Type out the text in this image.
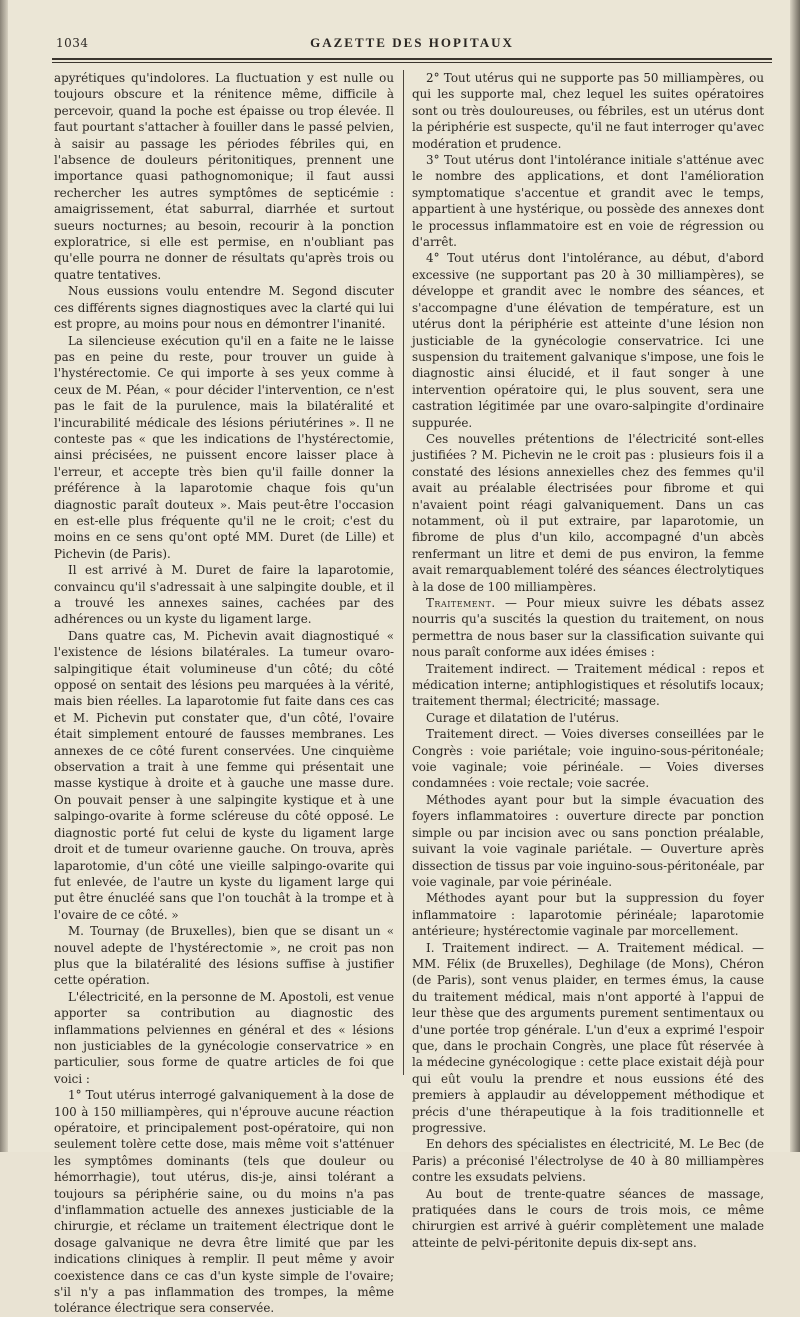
1034	GAZETTE DES HOPITAUX

apyrétiques qu'indolores. La fluctuation y est nulle ou toujours obscure et la rénitence même, difficile à percevoir, quand la poche est épaisse ou trop élevée. Il faut pourtant s'attacher à fouiller dans le passé pelvien, à saisir au passage les périodes fébriles qui, en l'absence de douleurs péritonitiques, prennent une importance quasi pathognomonique; il faut aussi rechercher les autres symptômes de septicémie : amaigrissement, état saburral, diarrhée et surtout sueurs nocturnes; au besoin, recourir à la ponction exploratrice, si elle est permise, en n'oubliant pas qu'elle pourra ne donner de résultats qu'après trois ou quatre tentatives.

Nous eussions voulu entendre M. Segond discuter ces différents signes diagnostiques avec la clarté qui lui est propre, au moins pour nous en démontrer l'inanité.

La silencieuse exécution qu'il en a faite ne le laisse pas en peine du reste, pour trouver un guide à l'hystérectomie. Ce qui importe à ses yeux comme à ceux de M. Péan, « pour décider l'intervention, ce n'est pas le fait de la purulence, mais la bilatéralité et l'incurabilité médicale des lésions périutérines ». Il ne conteste pas « que les indications de l'hystérectomie, ainsi précisées, ne puissent encore laisser place à l'erreur, et accepte très bien qu'il faille donner la préférence à la laparotomie chaque fois qu'un diagnostic paraît douteux ». Mais peut-être l'occasion en est-elle plus fréquente qu'il ne le croit; c'est du moins en ce sens qu'ont opté MM. Duret (de Lille) et Pichevin (de Paris).

Il est arrivé à M. Duret de faire la laparotomie, convaincu qu'il s'adressait à une salpingite double, et il a trouvé les annexes saines, cachées par des adhérences ou un kyste du ligament large.

Dans quatre cas, M. Pichevin avait diagnostiqué « l'existence de lésions bilatérales. La tumeur ovaro-salpingitique était volumineuse d'un côté; du côté opposé on sentait des lésions peu marquées à la vérité, mais bien réelles. La laparotomie fut faite dans ces cas et M. Pichevin put constater que, d'un côté, l'ovaire était simplement entouré de fausses membranes. Les annexes de ce côté furent conservées. Une cinquième observation a trait à une femme qui présentait une masse kystique à droite et à gauche une masse dure. On pouvait penser à une salpingite kystique et à une salpingo-ovarite à forme scléreuse du côté opposé. Le diagnostic porté fut celui de kyste du ligament large droit et de tumeur ovarienne gauche. On trouva, après laparotomie, d'un côté une vieille salpingo-ovarite qui fut enlevée, de l'autre un kyste du ligament large qui put être énucléé sans que l'on touchât à la trompe et à l'ovaire de ce côté. »

M. Tournay (de Bruxelles), bien que se disant un « nouvel adepte de l'hystérectomie », ne croit pas non plus que la bilatéralité des lésions suffise à justifier cette opération.

L'électricité, en la personne de M. Apostoli, est venue apporter sa contribution au diagnostic des inflammations pelviennes en général et des « lésions non justiciables de la gynécologie conservatrice » en particulier, sous forme de quatre articles de foi que voici :

1° Tout utérus interrogé galvaniquement à la dose de 100 à 150 milliampères, qui n'éprouve aucune réaction opératoire, et principalement post-opératoire, qui non seulement tolère cette dose, mais même voit s'atténuer les symptômes dominants (tels que douleur ou hémorrhagie), tout utérus, dis-je, ainsi tolérant a toujours sa périphérie saine, ou du moins n'a pas d'inflammation actuelle des annexes justiciable de la chirurgie, et réclame un traitement électrique dont le dosage galvanique ne devra être limité que par les indications cliniques à remplir. Il peut même y avoir coexistence dans ce cas d'un kyste simple de l'ovaire; s'il n'y a pas inflammation des trompes, la même tolérance électrique sera conservée.

2° Tout utérus qui ne supporte pas 50 milliampères, ou qui les supporte mal, chez lequel les suites opératoires sont ou très douloureuses, ou fébriles, est un utérus dont la périphérie est suspecte, qu'il ne faut interroger qu'avec modération et prudence.

3° Tout utérus dont l'intolérance initiale s'atténue avec le nombre des applications, et dont l'amélioration symptomatique s'accentue et grandit avec le temps, appartient à une hystérique, ou possède des annexes dont le processus inflammatoire est en voie de régression ou d'arrêt.

4° Tout utérus dont l'intolérance, au début, d'abord excessive (ne supportant pas 20 à 30 milliampères), se développe et grandit avec le nombre des séances, et s'accompagne d'une élévation de température, est un utérus dont la périphérie est atteinte d'une lésion non justiciable de la gynécologie conservatrice. Ici une suspension du traitement galvanique s'impose, une fois le diagnostic ainsi élucidé, et il faut songer à une intervention opératoire qui, le plus souvent, sera une castration légitimée par une ovaro-salpingite d'ordinaire suppurée.

Ces nouvelles prétentions de l'électricité sont-elles justifiées ? M. Pichevin ne le croit pas : plusieurs fois il a constaté des lésions annexielles chez des femmes qu'il avait au préalable électrisées pour fibrome et qui n'avaient point réagi galvaniquement. Dans un cas notamment, où il put extraire, par laparotomie, un fibrome de plus d'un kilo, accompagné d'un abcès renfermant un litre et demi de pus environ, la femme avait remarquablement toléré des séances électrolytiques à la dose de 100 milliampères.

Traitement. — Pour mieux suivre les débats assez nourris qu'a suscités la question du traitement, on nous permettra de nous baser sur la classification suivante qui nous paraît conforme aux idées émises :

Traitement indirect. — Traitement médical : repos et médication interne; antiphlogistiques et résolutifs locaux; traitement thermal; électricité; massage.

Curage et dilatation de l'utérus.

Traitement direct. — Voies diverses conseillées par le Congrès : voie pariétale; voie inguino-sous-péritonéale; voie vaginale; voie périnéale. — Voies diverses condamnées : voie rectale; voie sacrée.

Méthodes ayant pour but la simple évacuation des foyers inflammatoires : ouverture directe par ponction simple ou par incision avec ou sans ponction préalable, suivant la voie vaginale pariétale. — Ouverture après dissection de tissus par voie inguino-sous-péritonéale, par voie vaginale, par voie périnéale.

Méthodes ayant pour but la suppression du foyer inflammatoire : laparotomie périnéale; laparotomie antérieure; hystérectomie vaginale par morcellement.

I. Traitement indirect. — A. Traitement médical. — MM. Félix (de Bruxelles), Deghilage (de Mons), Chéron (de Paris), sont venus plaider, en termes émus, la cause du traitement médical, mais n'ont apporté à l'appui de leur thèse que des arguments purement sentimentaux ou d'une portée trop générale. L'un d'eux a exprimé l'espoir que, dans le prochain Congrès, une place fût réservée à la médecine gynécologique : cette place existait déjà pour qui eût voulu la prendre et nous eussions été des premiers à applaudir au développement méthodique et précis d'une thérapeutique à la fois traditionnelle et progressive.

En dehors des spécialistes en électricité, M. Le Bec (de Paris) a préconisé l'électrolyse de 40 à 80 milliampères contre les exsudats pelviens.

Au bout de trente-quatre séances de massage, pratiquées dans le cours de trois mois, ce même chirurgien est arrivé à guérir complètement une malade atteinte de pelvi-péritonite depuis dix-sept ans.
